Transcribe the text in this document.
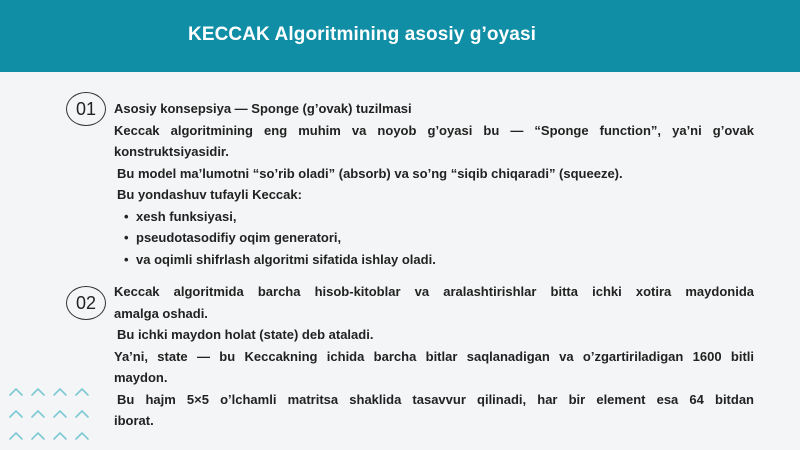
KECCAK Algoritmining asosiy g’oyasi
01	Asosiy konsepsiya — Sponge (g’ovak) tuzilmasi
Keccak algoritmining eng muhim va noyob g’oyasi bu — “Sponge function”, ya’ni g’ovak
konstruktsiyasidir.
Bu model ma’lumotni “so’rib oladi” (absorb) va so’ng “siqib chiqaradi” (squeeze).
Bu yondashuv tufayli Keccak:
• xesh funksiyasi,
• pseudotasodifiy oqim generatori,
• va oqimli shifrlash algoritmi sifatida ishlay oladi.
02
Keccak algoritmida barcha hisob-kitoblar va aralashtirishlar bitta ichki xotira maydonida
amalga oshadi.
Bu ichki maydon holat (state) deb ataladi.
Ya’ni, state — bu Keccakning ichida barcha bitlar saqlanadigan va o’zgartiriladigan 1600 bitli
maydon.
Bu hajm 5×5 o’lchamli matritsa shaklida tasavvur qilinadi, har bir element esa 64 bitdan
iborat.
